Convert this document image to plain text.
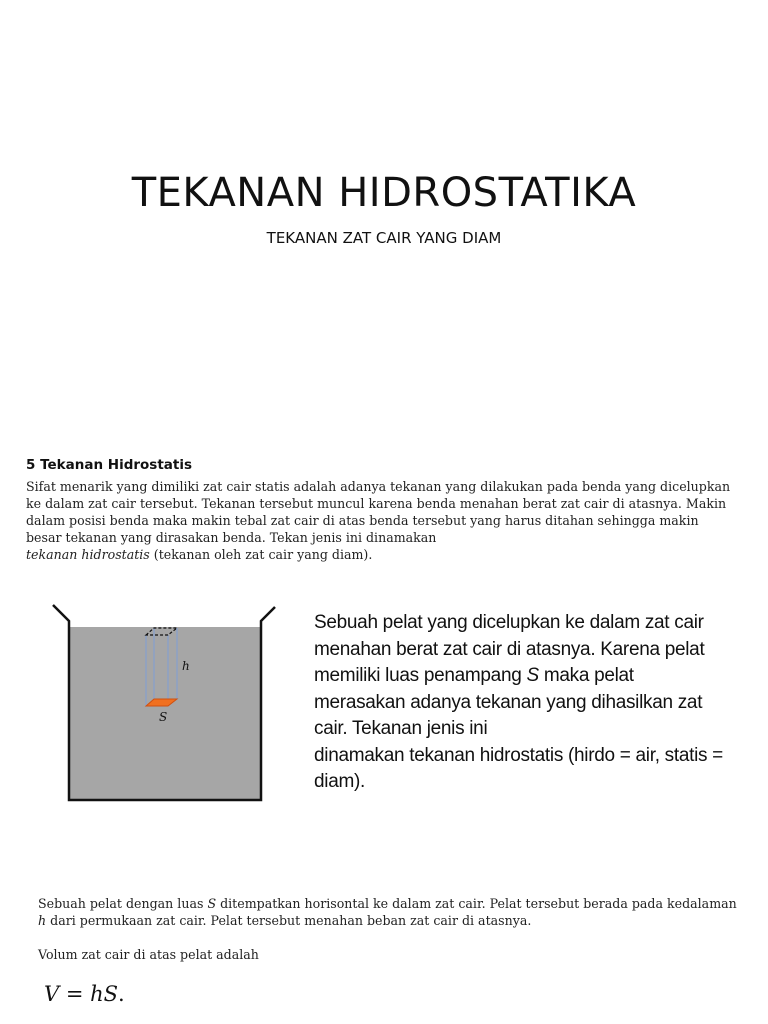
TEKANAN HIDROSTATIKA
TEKANAN ZAT CAIR YANG DIAM
5 Tekanan Hidrostatis
Sifat menarik yang dimiliki zat cair statis adalah adanya tekanan yang dilakukan pada benda yang dicelupkan ke dalam zat cair tersebut. Tekanan tersebut muncul karena benda menahan berat zat cair di atasnya. Makin dalam posisi benda maka makin tebal zat cair di atas benda tersebut yang harus ditahan sehingga makin besar tekanan yang dirasakan benda. Tekan jenis ini dinamakan
tekanan hidrostatis (tekanan oleh zat cair yang diam).
h
S
Sebuah pelat yang dicelupkan ke dalam zat cair menahan berat zat cair di atasnya. Karena pelat memiliki luas penampang S maka pelat merasakan adanya tekanan yang dihasilkan zat cair. Tekanan jenis ini
dinamakan tekanan hidrostatis (hirdo = air, statis = diam).
Sebuah pelat dengan luas S ditempatkan horisontal ke dalam zat cair. Pelat tersebut berada pada kedalaman h dari permukaan zat cair. Pelat tersebut menahan beban zat cair di atasnya.
Volum zat cair di atas pelat adalah
V = hS.
